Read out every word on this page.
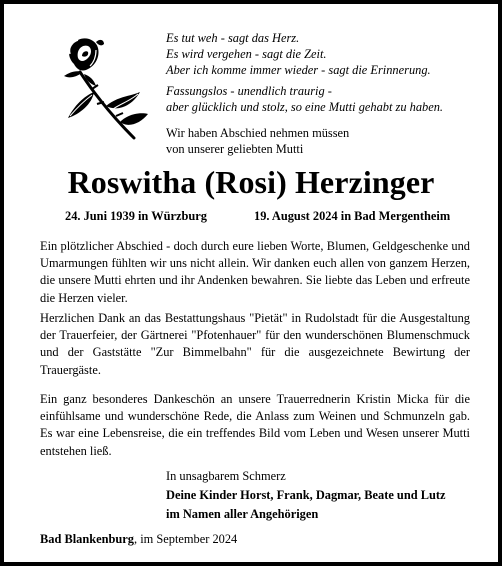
Es tut weh - sagt das Herz.
Es wird vergehen - sagt die Zeit.
Aber ich komme immer wieder - sagt die Erinnerung.
Fassungslos - unendlich traurig -
aber glücklich und stolz, so eine Mutti gehabt zu haben.
Wir haben Abschied nehmen müssen
von unserer geliebten Mutti
Roswitha (Rosi) Herzinger
24. Juni 1939 in Würzburg	19. August 2024 in Bad Mergentheim
Ein plötzlicher Abschied - doch durch eure lieben Worte, Blumen, Geldgeschenke und Umarmungen fühlten wir uns nicht allein. Wir danken euch allen von ganzem Herzen, die unsere Mutti ehrten und ihr Andenken bewahren. Sie liebte das Leben und erfreute die Herzen vieler.
Herzlichen Dank an das Bestattungshaus "Pietät" in Rudolstadt für die Ausgestaltung der Trauerfeier, der Gärtnerei "Pfotenhauer" für den wunderschönen Blumenschmuck und der Gaststätte "Zur Bimmelbahn" für die ausgezeichnete Bewirtung der Trauergäste.
Ein ganz besonderes Dankeschön an unsere Trauerrednerin Kristin Micka für die einfühlsame und wunderschöne Rede, die Anlass zum Weinen und Schmunzeln gab. Es war eine Lebensreise, die ein treffendes Bild vom Leben und Wesen unserer Mutti entstehen ließ.
In unsagbarem Schmerz
Deine Kinder Horst, Frank, Dagmar, Beate und Lutz
im Namen aller Angehörigen
Bad Blankenburg, im September 2024
